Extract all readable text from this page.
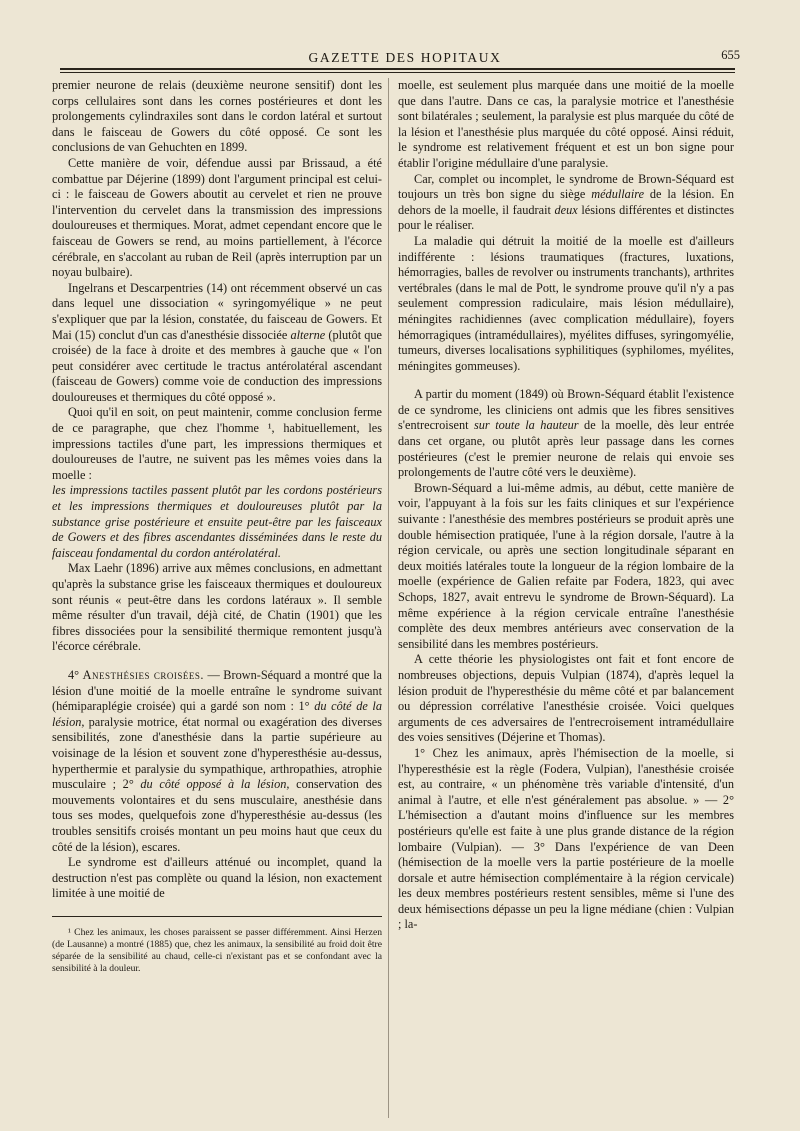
GAZETTE DES HOPITAUX	655

premier neurone de relais (deuxième neurone sensitif) dont les corps cellulaires sont dans les cornes postérieures et dont les prolongements cylindraxiles sont dans le cordon latéral et surtout dans le faisceau de Gowers du côté opposé. Ce sont les conclusions de van Gehuchten en 1899.

Cette manière de voir, défendue aussi par Brissaud, a été combattue par Déjerine (1899) dont l'argument principal est celui-ci : le faisceau de Gowers aboutit au cervelet et rien ne prouve l'intervention du cervelet dans la transmission des impressions douloureuses et thermiques. Morat, admet cependant encore que le faisceau de Gowers se rend, au moins partiellement, à l'écorce cérébrale, en s'accolant au ruban de Reil (après interruption par un noyau bulbaire).

Ingelrans et Descarpentries (14) ont récemment observé un cas dans lequel une dissociation « syringomyélique » ne peut s'expliquer que par la lésion, constatée, du faisceau de Gowers. Et Mai (15) conclut d'un cas d'anesthésie dissociée alterne (plutôt que croisée) de la face à droite et des membres à gauche que « l'on peut considérer avec certitude le tractus antérolatéral ascendant (faisceau de Gowers) comme voie de conduction des impressions douloureuses et thermiques du côté opposé ».

Quoi qu'il en soit, on peut maintenir, comme conclusion ferme de ce paragraphe, que chez l'homme ¹, habituellement, les impressions tactiles d'une part, les impressions thermiques et douloureuses de l'autre, ne suivent pas les mêmes voies dans la moelle :

les impressions tactiles passent plutôt par les cordons postérieurs et les impressions thermiques et douloureuses plutôt par la substance grise postérieure et ensuite peut-être par les faisceaux de Gowers et des fibres ascendantes disséminées dans le reste du faisceau fondamental du cordon antérolatéral.

Max Laehr (1896) arrive aux mêmes conclusions, en admettant qu'après la substance grise les faisceaux thermiques et douloureux sont réunis « peut-être dans les cordons latéraux ». Il semble même résulter d'un travail, déjà cité, de Chatin (1901) que les fibres dissociées pour la sensibilité thermique remontent jusqu'à l'écorce cérébrale.

4° Anesthésies croisées. — Brown-Séquard a montré que la lésion d'une moitié de la moelle entraîne le syndrome suivant (hémiparaplégie croisée) qui a gardé son nom : 1° du côté de la lésion, paralysie motrice, état normal ou exagération des diverses sensibilités, zone d'anesthésie dans la partie supérieure au voisinage de la lésion et souvent zone d'hyperesthésie au-dessus, hyperthermie et paralysie du sympathique, arthropathies, atrophie musculaire ; 2° du côté opposé à la lésion, conservation des mouvements volontaires et du sens musculaire, anesthésie dans tous ses modes, quelquefois zone d'hyperesthésie au-dessus (les troubles sensitifs croisés montant un peu moins haut que ceux du côté de la lésion), escares.

Le syndrome est d'ailleurs atténué ou incomplet, quand la destruction n'est pas complète ou quand la lésion, non exactement limitée à une moitié de

¹ Chez les animaux, les choses paraissent se passer différemment. Ainsi Herzen (de Lausanne) a montré (1885) que, chez les animaux, la sensibilité au froid doit être séparée de la sensibilité au chaud, celle-ci n'existant pas et se confondant avec la sensibilité à la douleur.

moelle, est seulement plus marquée dans une moitié de la moelle que dans l'autre. Dans ce cas, la paralysie motrice et l'anesthésie sont bilatérales ; seulement, la paralysie est plus marquée du côté de la lésion et l'anesthésie plus marquée du côté opposé. Ainsi réduit, le syndrome est relativement fréquent et est un bon signe pour établir l'origine médullaire d'une paralysie.

Car, complet ou incomplet, le syndrome de Brown-Séquard est toujours un très bon signe du siège médullaire de la lésion. En dehors de la moelle, il faudrait deux lésions différentes et distinctes pour le réaliser.

La maladie qui détruit la moitié de la moelle est d'ailleurs indifférente : lésions traumatiques (fractures, luxations, hémorragies, balles de revolver ou instruments tranchants), arthrites vertébrales (dans le mal de Pott, le syndrome prouve qu'il n'y a pas seulement compression radiculaire, mais lésion médullaire), méningites rachidiennes (avec complication médullaire), foyers hémorragiques (intramédullaires), myélites diffuses, syringomyélie, tumeurs, diverses localisations syphilitiques (syphilomes, myélites, méningites gommeuses).

A partir du moment (1849) où Brown-Séquard établit l'existence de ce syndrome, les cliniciens ont admis que les fibres sensitives s'entrecroisent sur toute la hauteur de la moelle, dès leur entrée dans cet organe, ou plutôt après leur passage dans les cornes postérieures (c'est le premier neurone de relais qui envoie ses prolongements de l'autre côté vers le deuxième).

Brown-Séquard a lui-même admis, au début, cette manière de voir, l'appuyant à la fois sur les faits cliniques et sur l'expérience suivante : l'anesthésie des membres postérieurs se produit après une double hémisection pratiquée, l'une à la région dorsale, l'autre à la région cervicale, ou après une section longitudinale séparant en deux moitiés latérales toute la longueur de la région lombaire de la moelle (expérience de Galien refaite par Fodera, 1823, qui avec Schops, 1827, avait entrevu le syndrome de Brown-Séquard). La même expérience à la région cervicale entraîne l'anesthésie complète des deux membres antérieurs avec conservation de la sensibilité dans les membres postérieurs.

A cette théorie les physiologistes ont fait et font encore de nombreuses objections, depuis Vulpian (1874), d'après lequel la lésion produit de l'hyperesthésie du même côté et par balancement ou dépression corrélative l'anesthésie croisée. Voici quelques arguments de ces adversaires de l'entrecroisement intramédullaire des voies sensitives (Déjerine et Thomas).

1° Chez les animaux, après l'hémisection de la moelle, si l'hyperesthésie est la règle (Fodera, Vulpian), l'anesthésie croisée est, au contraire, « un phénomène très variable d'intensité, d'un animal à l'autre, et elle n'est généralement pas absolue. » — 2° L'hémisection a d'autant moins d'influence sur les membres postérieurs qu'elle est faite à une plus grande distance de la région lombaire (Vulpian). — 3° Dans l'expérience de van Deen (hémisection de la moelle vers la partie postérieure de la moelle dorsale et autre hémisection complémentaire à la région cervicale) les deux membres postérieurs restent sensibles, même si l'une des deux hémisections dépasse un peu la ligne médiane (chien : Vulpian ; la-
